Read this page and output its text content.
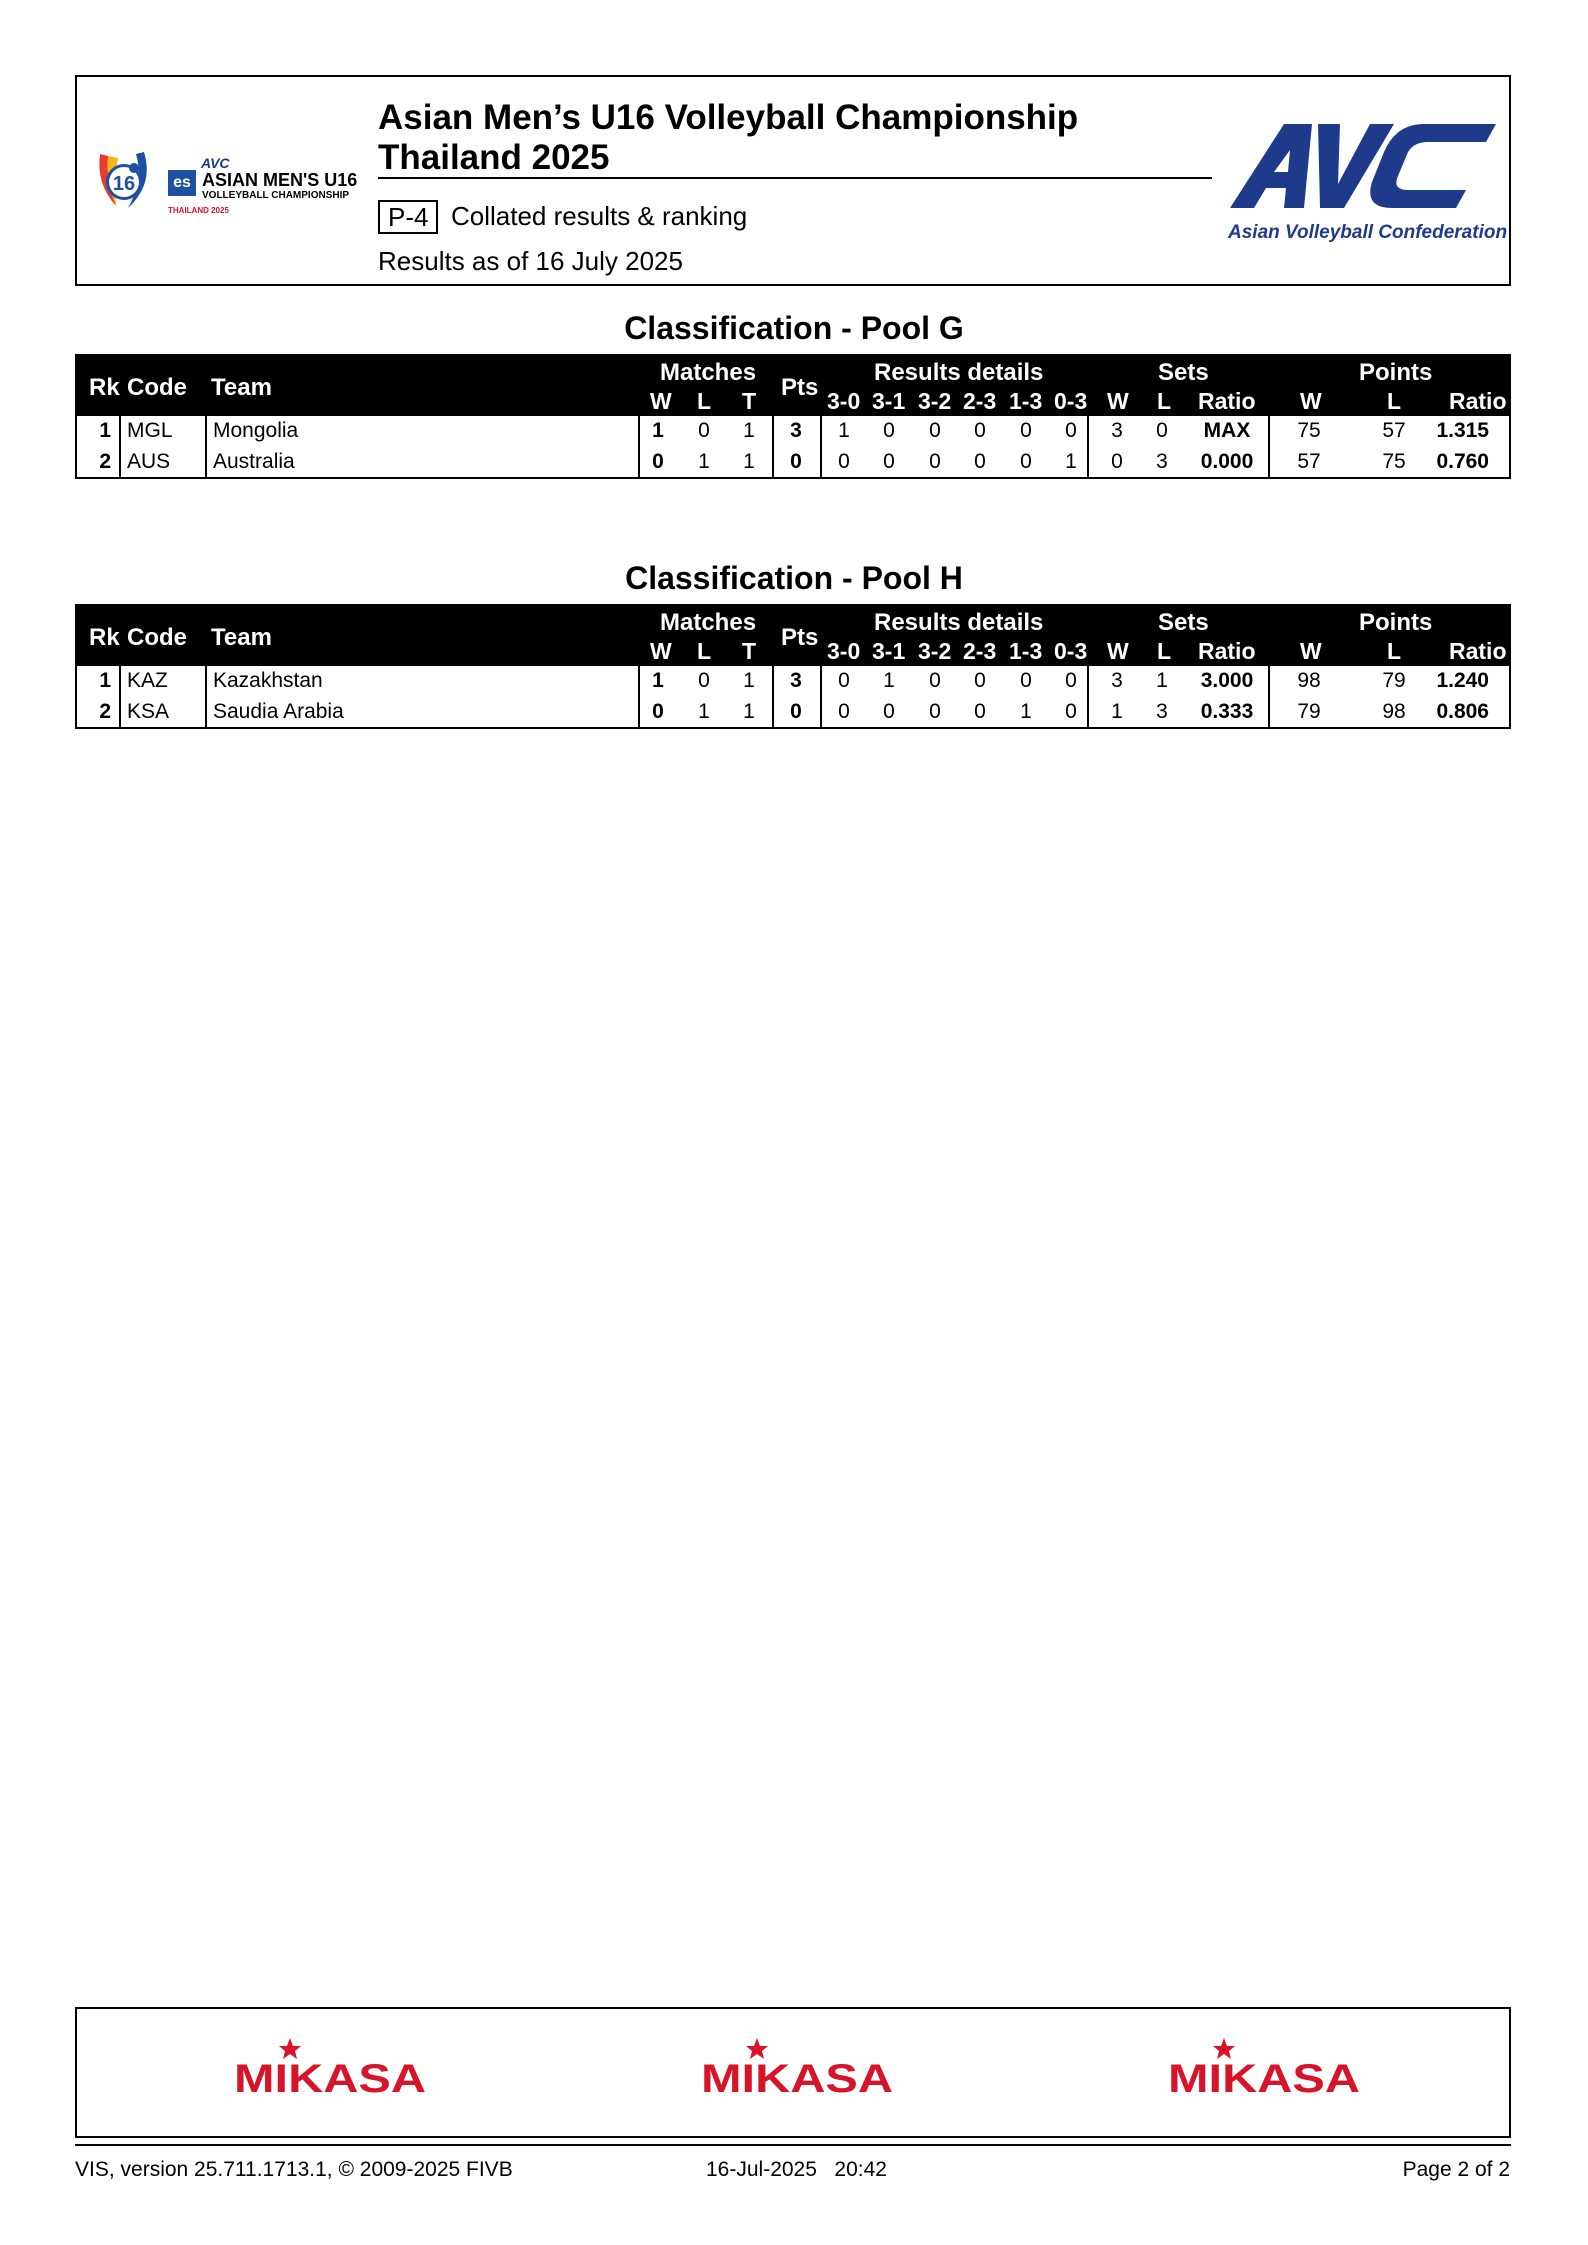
16
AVC
es ASIAN MEN'S U16
VOLLEYBALL CHAMPIONSHIP
THAILAND 2025
Asian Men’s U16 Volleyball Championship
Thailand 2025
P-4 Collated results & ranking
Results as of 16 July 2025
Asian Volleyball Confederation
Classification - Pool G
Rk Code Team
Matches
W L T Pts
Results details
3-0 3-1 3-2 2-3 1-3 0-3
Sets
W L Ratio
Points
W	L Ratio
1 MGL Mongolia	1	0	1	3	1	0	0	0	0	0	3	0	MAX	75	57	1.315
2 AUS Australia	0	1	1	0	0	0	0	0	0	1	0	3	0.000	57	75	0.760
Classification - Pool H
Rk Code Team
Matches
W L T Pts
Results details
3-0 3-1 3-2 2-3 1-3 0-3
Sets
W L Ratio
Points
W	L Ratio
1 KAZ Kazakhstan	1	0	1	3	0	1	0	0	0	0	3	1	3.000	98	79	1.240
2 KSA Saudia Arabia	0	1	1	0	0	0	0	0	1	0	1	3	0.333	79	98	0.806
MIKASA	MIKASA	MIKASA
VIS, version 25.711.1713.1, © 2009-2025 FIVB	16-Jul-2025   20:42	Page 2 of 2
